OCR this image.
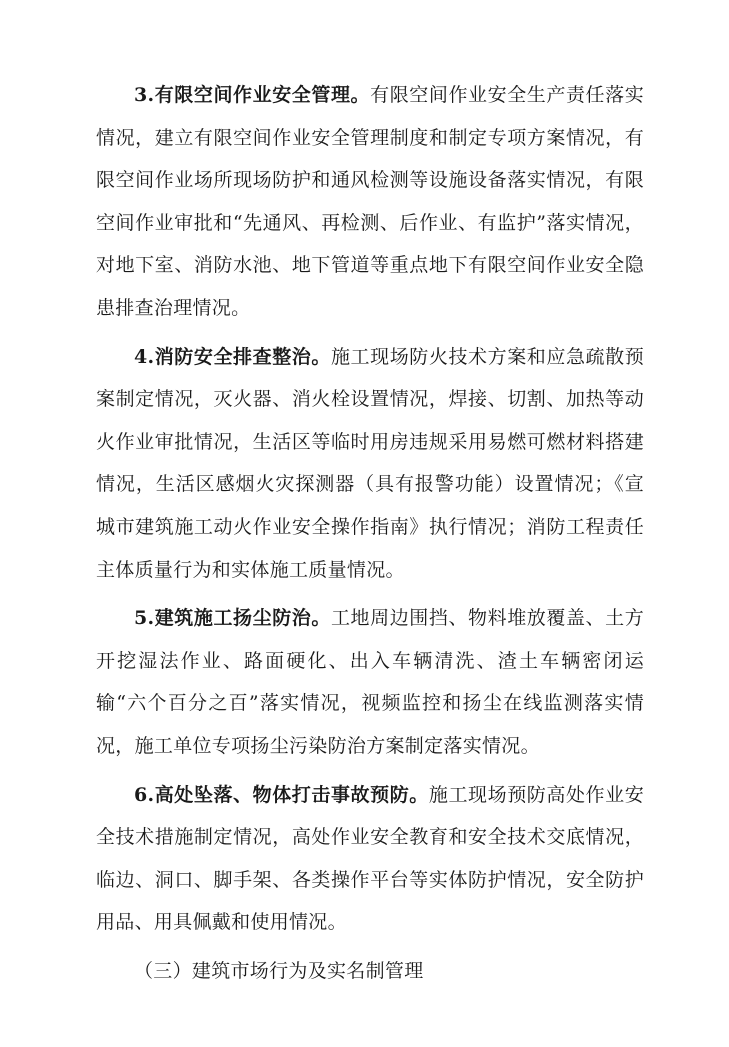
3.有限空间作业安全管理。有限空间作业安全生产责任落实情况，建立有限空间作业安全管理制度和制定专项方案情况，有限空间作业场所现场防护和通风检测等设施设备落实情况，有限空间作业审批和“先通风、再检测、后作业、有监护”落实情况，对地下室、消防水池、地下管道等重点地下有限空间作业安全隐患排查治理情况。

4.消防安全排查整治。施工现场防火技术方案和应急疏散预案制定情况，灭火器、消火栓设置情况，焊接、切割、加热等动火作业审批情况，生活区等临时用房违规采用易燃可燃材料搭建情况，生活区感烟火灾探测器（具有报警功能）设置情况；《宣城市建筑施工动火作业安全操作指南》执行情况；消防工程责任主体质量行为和实体施工质量情况。

5.建筑施工扬尘防治。工地周边围挡、物料堆放覆盖、土方开挖湿法作业、路面硬化、出入车辆清洗、渣土车辆密闭运输“六个百分之百”落实情况，视频监控和扬尘在线监测落实情况，施工单位专项扬尘污染防治方案制定落实情况。

6.高处坠落、物体打击事故预防。施工现场预防高处作业安全技术措施制定情况，高处作业安全教育和安全技术交底情况，临边、洞口、脚手架、各类操作平台等实体防护情况，安全防护用品、用具佩戴和使用情况。

（三）建筑市场行为及实名制管理
